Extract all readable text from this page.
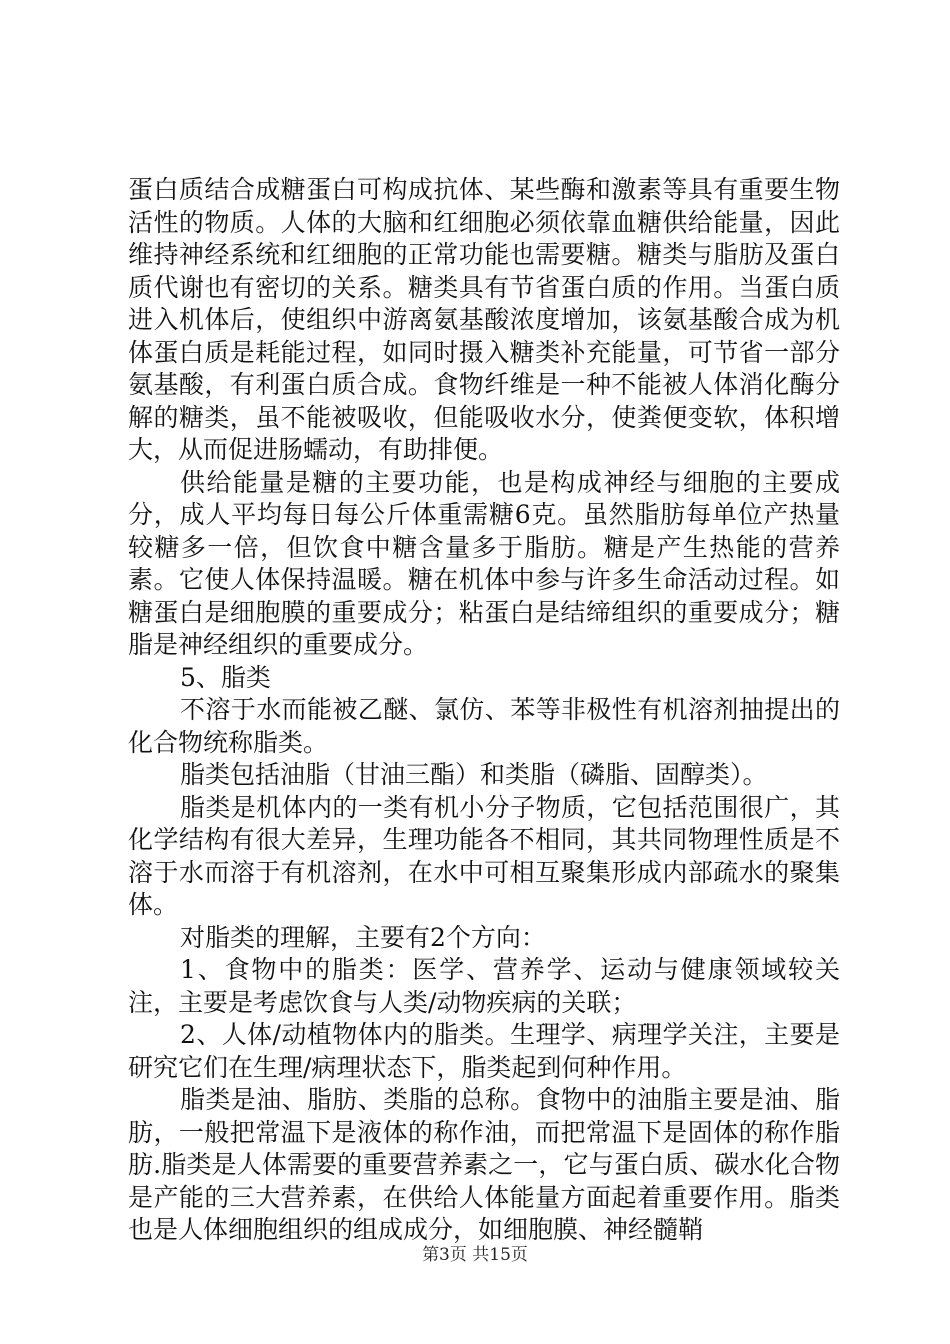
蛋白质结合成糖蛋白可构成抗体、某些酶和激素等具有重要生物活性的物质。人体的大脑和红细胞必须依靠血糖供给能量，因此维持神经系统和红细胞的正常功能也需要糖。糖类与脂肪及蛋白质代谢也有密切的关系。糖类具有节省蛋白质的作用。当蛋白质进入机体后，使组织中游离氨基酸浓度增加，该氨基酸合成为机体蛋白质是耗能过程，如同时摄入糖类补充能量，可节省一部分氨基酸，有利蛋白质合成。食物纤维是一种不能被人体消化酶分解的糖类，虽不能被吸收，但能吸收水分，使粪便变软，体积增大，从而促进肠蠕动，有助排便。

供给能量是糖的主要功能，也是构成神经与细胞的主要成分，成人平均每日每公斤体重需糖6克。虽然脂肪每单位产热量较糖多一倍，但饮食中糖含量多于脂肪。糖是产生热能的营养素。它使人体保持温暖。糖在机体中参与许多生命活动过程。如糖蛋白是细胞膜的重要成分；粘蛋白是结缔组织的重要成分；糖脂是神经组织的重要成分。

5、脂类

不溶于水而能被乙醚、氯仿、苯等非极性有机溶剂抽提出的化合物统称脂类。

脂类包括油脂（甘油三酯）和类脂（磷脂、固醇类）。

脂类是机体内的一类有机小分子物质，它包括范围很广，其化学结构有很大差异，生理功能各不相同，其共同物理性质是不溶于水而溶于有机溶剂，在水中可相互聚集形成内部疏水的聚集体。

对脂类的理解，主要有2个方向：

1、食物中的脂类：医学、营养学、运动与健康领域较关注，主要是考虑饮食与人类/动物疾病的关联；

2、人体/动植物体内的脂类。生理学、病理学关注，主要是研究它们在生理/病理状态下，脂类起到何种作用。

脂类是油、脂肪、类脂的总称。食物中的油脂主要是油、脂肪，一般把常温下是液体的称作油，而把常温下是固体的称作脂肪.脂类是人体需要的重要营养素之一，它与蛋白质、碳水化合物是产能的三大营养素，在供给人体能量方面起着重要作用。脂类也是人体细胞组织的组成成分，如细胞膜、神经髓鞘

第3页 共15页
